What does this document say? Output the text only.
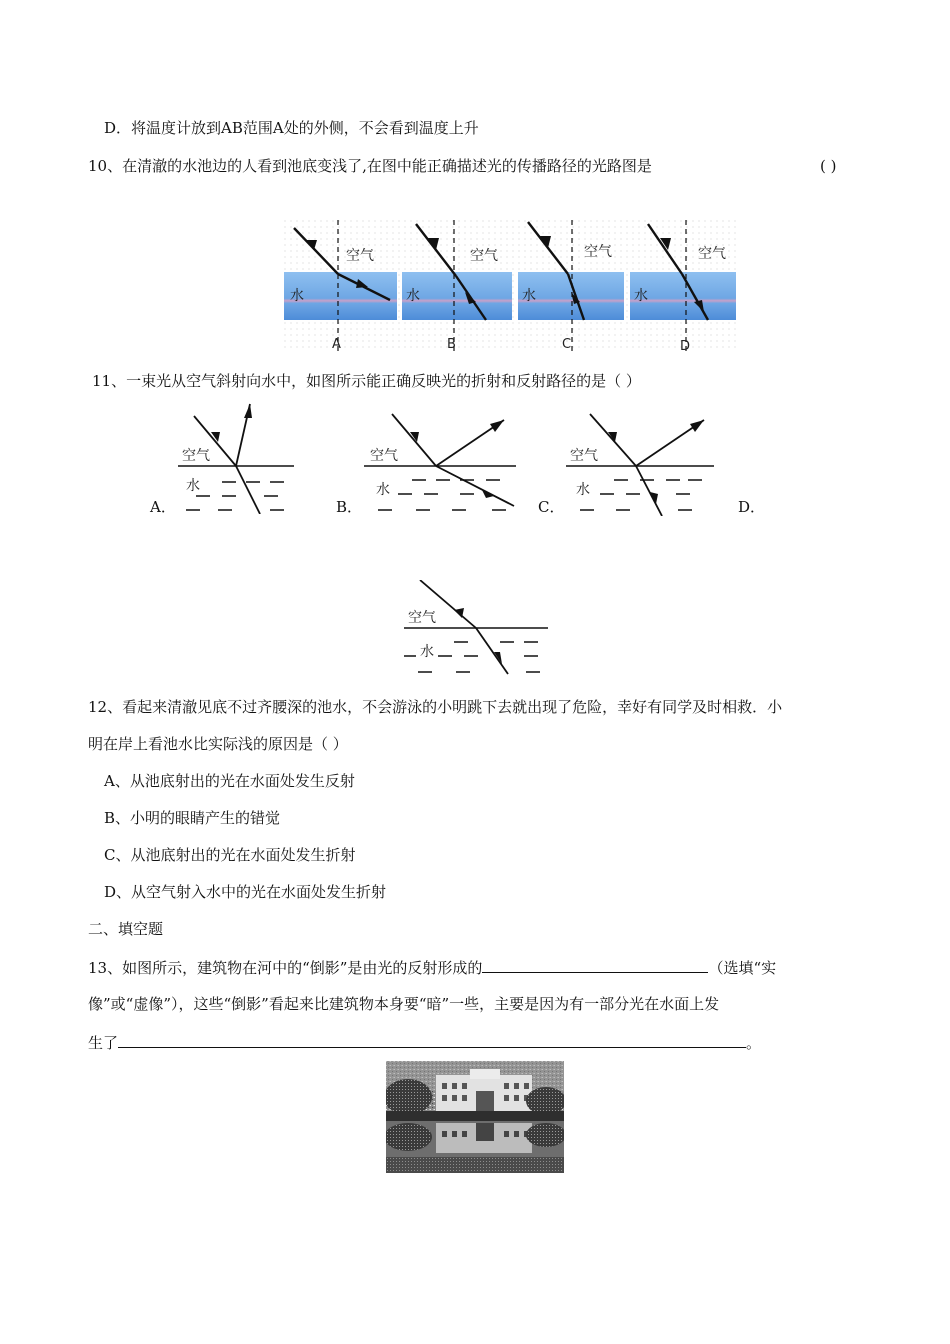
D．将温度计放到AB范围A处的外侧，不会看到温度上升
10、在清澈的水池边的人看到池底变浅了,在图中能正确描述光的传播路径的光路图是	( )
空气	空气	空气	空气
水	水	水	水
A	B	C	D
11、一束光从空气斜射向水中，如图所示能正确反映光的折射和反射路径的是（ ）
A．	B．	C．	D．
空气
水
空气
水
空气
水
空气
水
12、看起来清澈见底不过齐腰深的池水，不会游泳的小明跳下去就出现了危险，幸好有同学及时相救．小
明在岸上看池水比实际浅的原因是（ ）
A、从池底射出的光在水面处发生反射
B、小明的眼睛产生的错觉
C、从池底射出的光在水面处发生折射
D、从空气射入水中的光在水面处发生折射
二、填空题
13、如图所示，建筑物在河中的“倒影”是由光的反射形成的	（选填“实
像”或“虚像”），这些“倒影”看起来比建筑物本身要“暗”一些，主要是因为有一部分光在水面上发
生了	。
